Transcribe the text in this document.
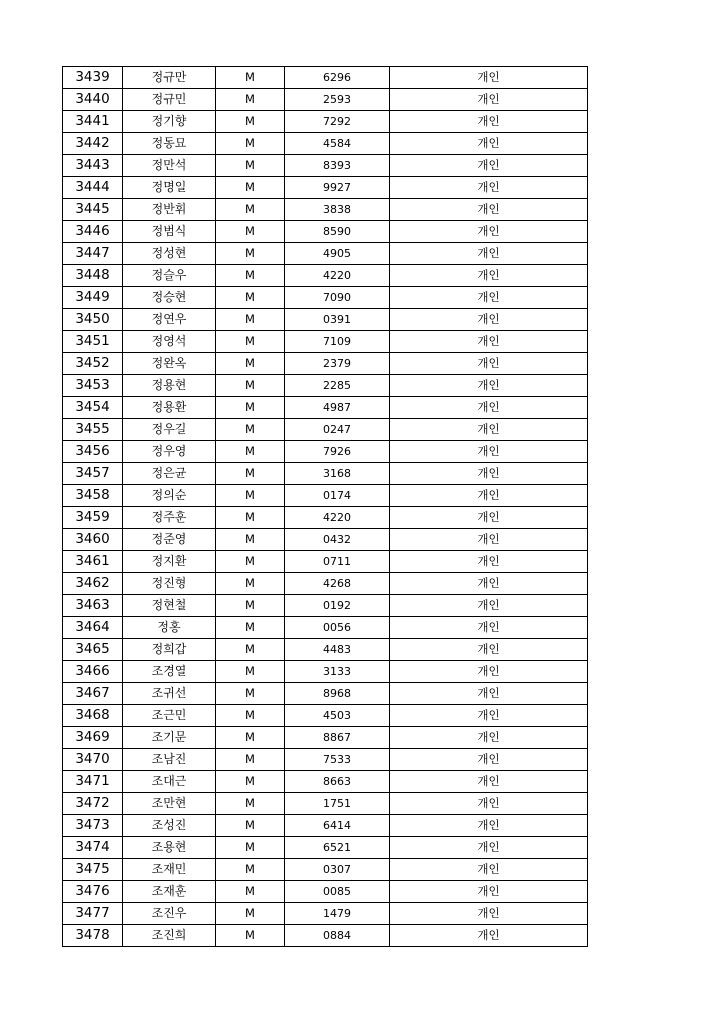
3439	정규만	M	6296	개인
3440	정규민	M	2593	개인
3441	정기향	M	7292	개인
3442	정동묘	M	4584	개인
3443	정만석	M	8393	개인
3444	정명일	M	9927	개인
3445	정반휘	M	3838	개인
3446	정범식	M	8590	개인
3447	정성현	M	4905	개인
3448	정슬우	M	4220	개인
3449	정승현	M	7090	개인
3450	정연우	M	0391	개인
3451	정영석	M	7109	개인
3452	정완옥	M	2379	개인
3453	정용현	M	2285	개인
3454	정용환	M	4987	개인
3455	정우길	M	0247	개인
3456	정우영	M	7926	개인
3457	정은균	M	3168	개인
3458	정의순	M	0174	개인
3459	정주훈	M	4220	개인
3460	정준영	M	0432	개인
3461	정지환	M	0711	개인
3462	정진형	M	4268	개인
3463	정현철	M	0192	개인
3464	정홍	M	0056	개인
3465	정희갑	M	4483	개인
3466	조경열	M	3133	개인
3467	조귀선	M	8968	개인
3468	조근민	M	4503	개인
3469	조기문	M	8867	개인
3470	조남진	M	7533	개인
3471	조대근	M	8663	개인
3472	조만현	M	1751	개인
3473	조성진	M	6414	개인
3474	조용현	M	6521	개인
3475	조재민	M	0307	개인
3476	조재훈	M	0085	개인
3477	조진우	M	1479	개인
3478	조진희	M	0884	개인
